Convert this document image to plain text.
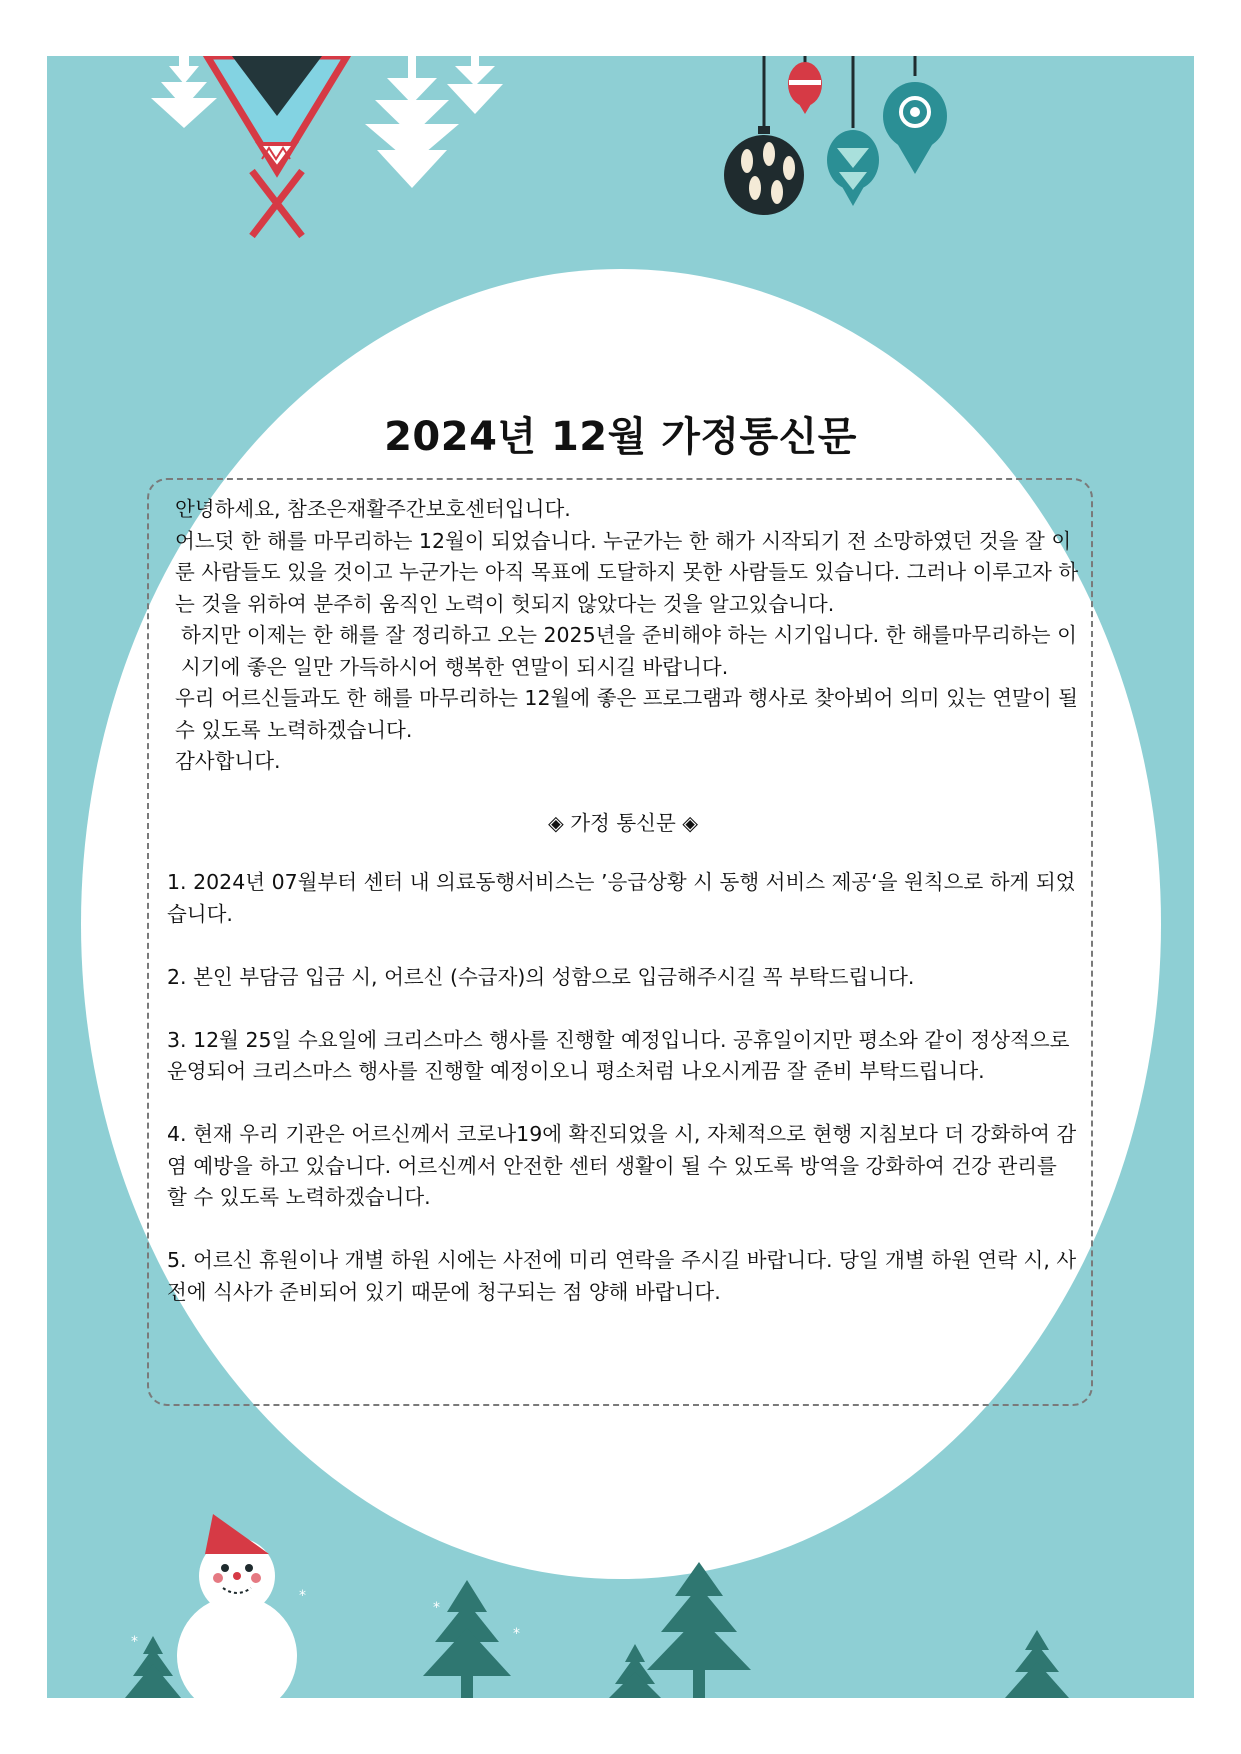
*
*
*
*
2024년 12월 가정통신문

안녕하세요, 참조은재활주간보호센터입니다.

어느덧 한 해를 마무리하는 12월이 되었습니다. 누군가는 한 해가 시작되기 전 소망하였던 것을 잘 이룬 사람들도 있을 것이고 누군가는 아직 목표에 도달하지 못한 사람들도 있습니다. 그러나 이루고자 하는 것을 위하여 분주히 움직인 노력이 헛되지 않았다는 것을 알고있습니다.

하지만 이제는 한 해를 잘 정리하고 오는 2025년을 준비해야 하는 시기입니다. 한 해를마무리하는 이 시기에 좋은 일만 가득하시어 행복한 연말이 되시길 바랍니다.

우리 어르신들과도 한 해를 마무리하는 12월에 좋은 프로그램과 행사로 찾아뵈어 의미 있는 연말이 될 수 있도록 노력하겠습니다.

감사합니다.

◈ 가정 통신문 ◈

1. 2024년 07월부터 센터 내 의료동행서비스는 ’응급상황 시 동행 서비스 제공‘을 원칙으로 하게 되었습니다.

2. 본인 부담금 입금 시, 어르신 (수급자)의 성함으로 입금해주시길 꼭 부탁드립니다.

3. 12월 25일 수요일에 크리스마스 행사를 진행할 예정입니다. 공휴일이지만 평소와 같이 정상적으로 운영되어 크리스마스 행사를 진행할 예정이오니 평소처럼 나오시게끔 잘 준비 부탁드립니다.

4. 현재 우리 기관은 어르신께서 코로나19에 확진되었을 시, 자체적으로 현행 지침보다 더 강화하여 감염 예방을 하고 있습니다. 어르신께서 안전한 센터 생활이 될 수 있도록 방역을 강화하여 건강 관리를 할 수 있도록 노력하겠습니다.

5. 어르신 휴원이나 개별 하원 시에는 사전에 미리 연락을 주시길 바랍니다. 당일 개별 하원 연락 시, 사전에 식사가 준비되어 있기 때문에 청구되는 점 양해 바랍니다.
